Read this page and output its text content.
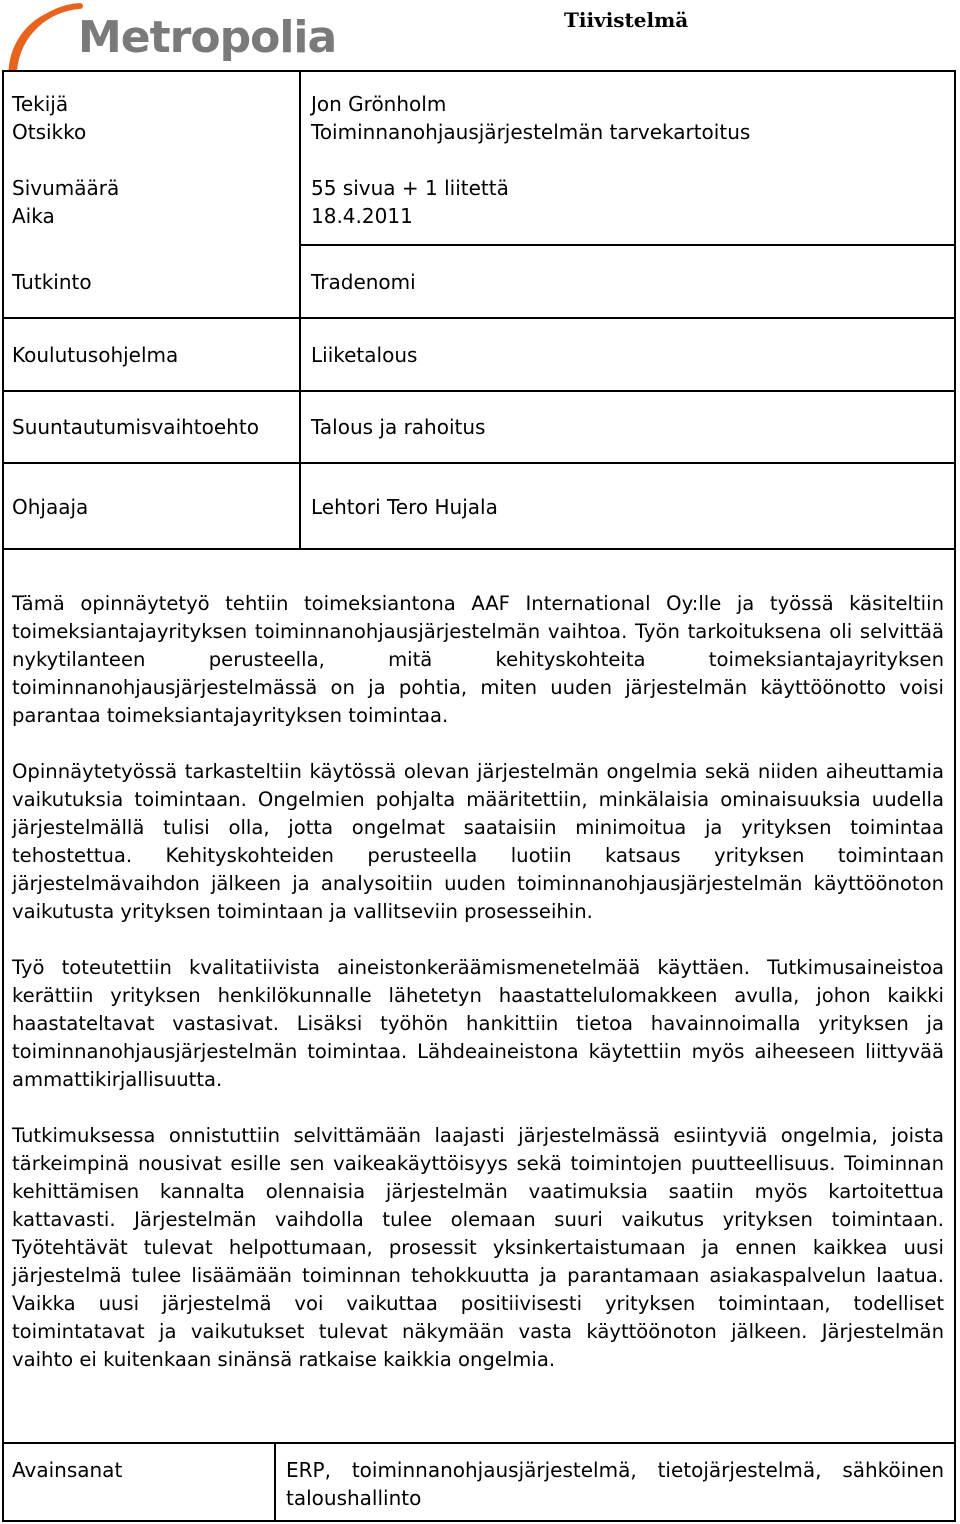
Metropolia	Tiivistelmä
Tekijä
Otsikko
Sivumäärä
Aika
Tutkinto
Koulutusohjelma
Suuntautumisvaihtoehto
Ohjaaja
Jon Grönholm
Toiminnanohjausjärjestelmän tarvekartoitus
55 sivua + 1 liitettä
18.4.2011
Tradenomi
Liiketalous
Talous ja rahoitus
Lehtori Tero Hujala

Tämä opinnäytetyö tehtiin toimeksiantona AAF International Oy:lle ja työssä käsiteltiin toimeksiantajayrityksen toiminnanohjausjärjestelmän vaihtoa. Työn tarkoituksena oli selvittää nykytilanteen perusteella, mitä kehityskohteita toimeksiantajayrityksen toiminnanohjausjärjestelmässä on ja pohtia, miten uuden järjestelmän käyttöönotto voisi parantaa toimeksiantajayrityksen toimintaa.

Opinnäytetyössä tarkasteltiin käytössä olevan järjestelmän ongelmia sekä niiden aiheuttamia vaikutuksia toimintaan. Ongelmien pohjalta määritettiin, minkälaisia ominaisuuksia uudella järjestelmällä tulisi olla, jotta ongelmat saataisiin minimoitua ja yrityksen toimintaa tehostettua. Kehityskohteiden perusteella luotiin katsaus yrityksen toimintaan järjestelmävaihdon jälkeen ja analysoitiin uuden toiminnanohjausjärjestelmän käyttöönoton vaikutusta yrityksen toimintaan ja vallitseviin prosesseihin.

Työ toteutettiin kvalitatiivista aineistonkeräämismenetelmää käyttäen. Tutkimusaineistoa kerättiin yrityksen henkilökunnalle lähetetyn haastattelulomakkeen avulla, johon kaikki haastateltavat vastasivat. Lisäksi työhön hankittiin tietoa havainnoimalla yrityksen ja toiminnanohjausjärjestelmän toimintaa. Lähdeaineistona käytettiin myös aiheeseen liittyvää ammattikirjallisuutta.

Tutkimuksessa onnistuttiin selvittämään laajasti järjestelmässä esiintyviä ongelmia, joista tärkeimpinä nousivat esille sen vaikeakäyttöisyys sekä toimintojen puutteellisuus. Toiminnan kehittämisen kannalta olennaisia järjestelmän vaatimuksia saatiin myös kartoitettua kattavasti. Järjestelmän vaihdolla tulee olemaan suuri vaikutus yrityksen toimintaan. Työtehtävät tulevat helpottumaan, prosessit yksinkertaistumaan ja ennen kaikkea uusi järjestelmä tulee lisäämään toiminnan tehokkuutta ja parantamaan asiakaspalvelun laatua. Vaikka uusi järjestelmä voi vaikuttaa positiivisesti yrityksen toimintaan, todelliset toimintatavat ja vaikutukset tulevat näkymään vasta käyttöönoton jälkeen. Järjestelmän vaihto ei kuitenkaan sinänsä ratkaise kaikkia ongelmia.

Avainsanat	ERP, toiminnanohjausjärjestelmä, tietojärjestelmä, sähköinen taloushallinto
